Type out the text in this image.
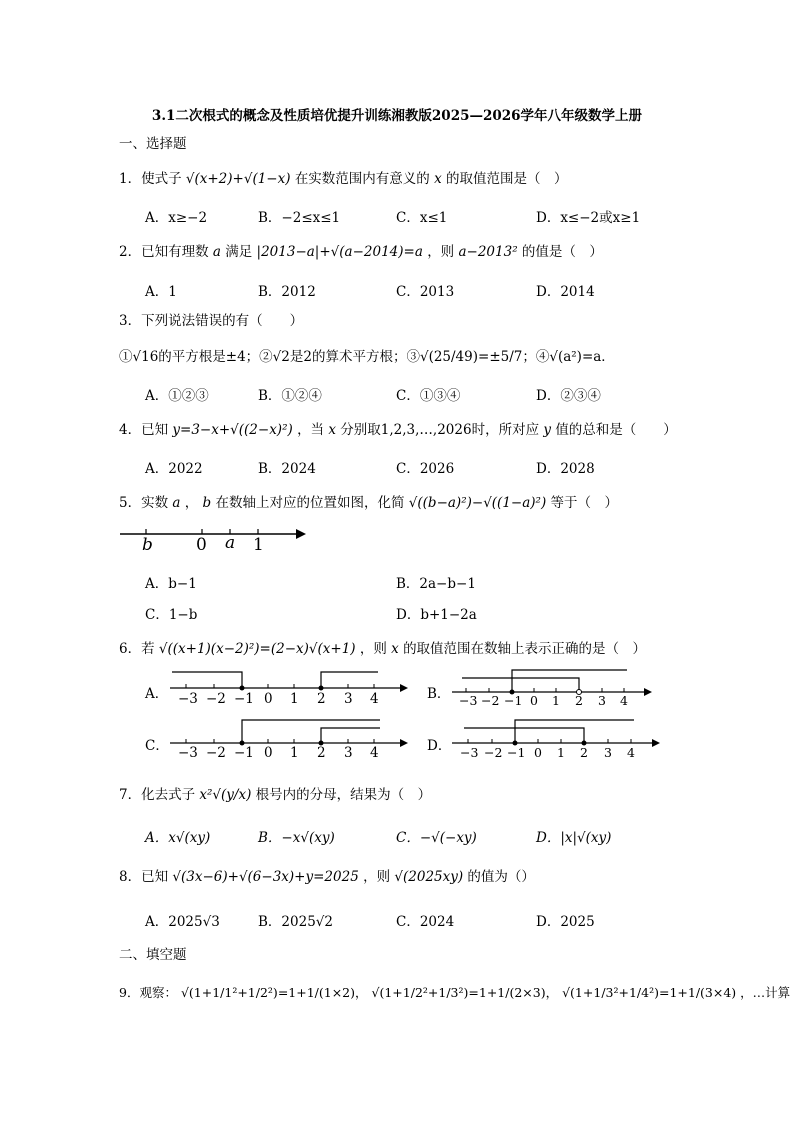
3.1二次根式的概念及性质培优提升训练湘教版2025—2026学年八年级数学上册
一、选择题
1．使式子 √(x+2)+√(1−x) 在实数范围内有意义的 x 的取值范围是（　）
A．x≥−2	B．−2≤x≤1	C．x≤1	D．x≤−2或x≥1
2．已知有理数 a 满足 |2013−a|+√(a−2014)=a ，则 a−2013² 的值是（　）
A．1	B．2012	C．2013	D．2014
3．下列说法错误的有（　　）
①√16的平方根是±4；②√2是2的算术平方根；③√(25/49)=±5/7；④√(a²)=a．
A．①②③	B．①②④	C．①③④	D．②③④
4．已知 y=3−x+√((2−x)²) ，当 x 分别取1,2,3,…,2026时，所对应 y 值的总和是（　　）
A．2022	B．2024	C．2026	D．2028
5．实数 a ， b 在数轴上对应的位置如图，化简 √((b−a)²)−√((1−a)²) 等于（　）
b	0 a 1
A．b−1	B．2a−b−1
C．1−b	D．b+1−2a
6．若 √((x+1)(x−2)²)=(2−x)√(x+1) ，则 x 的取值范围在数轴上表示正确的是（　）
A． −3 −2 −1 0 1 2 3 4	B． −3 −2 −1 0 1 2 3 4
C． −3 −2 −1 0 1 2 3 4	D． −3 −2 −1 0 1 2 3 4
7．化去式子 x²√(y/x) 根号内的分母，结果为（　）
A．x√(xy)	B．−x√(xy)	C．−√(−xy)	D．|x|√(xy)
8．已知 √(3x−6)+√(6−3x)+y=2025 ，则 √(2025xy) 的值为（）
A．2025√3	B．2025√2	C．2024	D．2025
二、填空题
9．观察： √(1+1/1²+1/2²)=1+1/(1×2)， √(1+1/2²+1/3²)=1+1/(2×3)， √(1+1/3²+1/4²)=1+1/(3×4) ，…计算
